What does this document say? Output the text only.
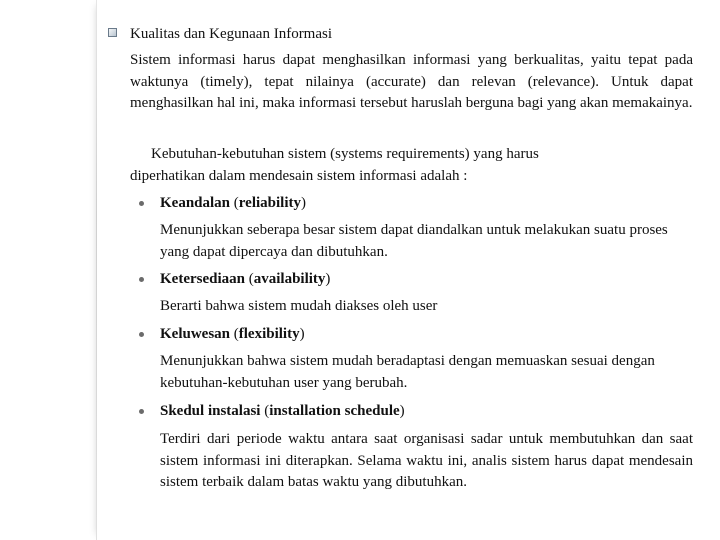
Kualitas dan Kegunaan Informasi

Sistem informasi harus dapat menghasilkan informasi yang berkualitas, yaitu tepat pada waktunya (timely), tepat nilainya (accurate) dan relevan (relevance). Untuk dapat menghasilkan hal ini, maka informasi tersebut haruslah berguna bagi yang akan memakainya.

Kebutuhan-kebutuhan sistem (systems requirements) yang harus
diperhatikan dalam mendesain sistem informasi adalah :
Keandalan (reliability)

Menunjukkan seberapa besar sistem dapat diandalkan untuk melakukan suatu proses yang dapat dipercaya dan dibutuhkan.

Ketersediaan (availability)

Berarti bahwa sistem mudah diakses oleh user

Keluwesan (flexibility)

Menunjukkan bahwa sistem mudah beradaptasi dengan memuaskan sesuai dengan kebutuhan-kebutuhan user yang berubah.

Skedul instalasi (installation schedule)

Terdiri dari periode waktu antara saat organisasi sadar untuk membutuhkan dan saat sistem informasi ini diterapkan. Selama waktu ini, analis sistem harus dapat mendesain sistem terbaik dalam batas waktu yang dibutuhkan.
